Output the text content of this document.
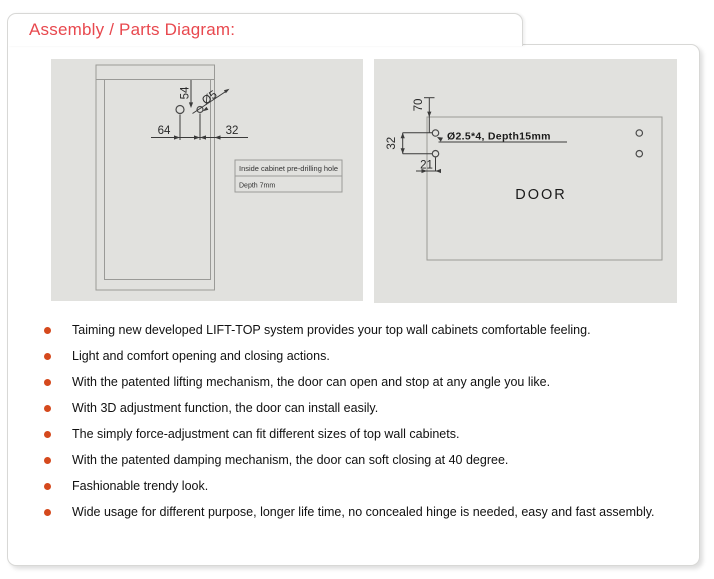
Assembly / Parts Diagram:
54 Ø5
64	32
Inside cabinet pre-drilling hole
Depth 7mm
70
32
21
Ø2.5*4, Depth15mm
DOOR
Taiming new developed LIFT-TOP system provides your top wall cabinets comfortable feeling.
Light and comfort opening and closing actions.
With the patented lifting mechanism, the door can open and stop at any angle you like.
With 3D adjustment function, the door can install easily.
The simply force-adjustment can fit different sizes of top wall cabinets.
With the patented damping mechanism, the door can soft closing at 40 degree.
Fashionable trendy look.
Wide usage for different purpose, longer life time, no concealed hinge is needed, easy and fast assembly.
